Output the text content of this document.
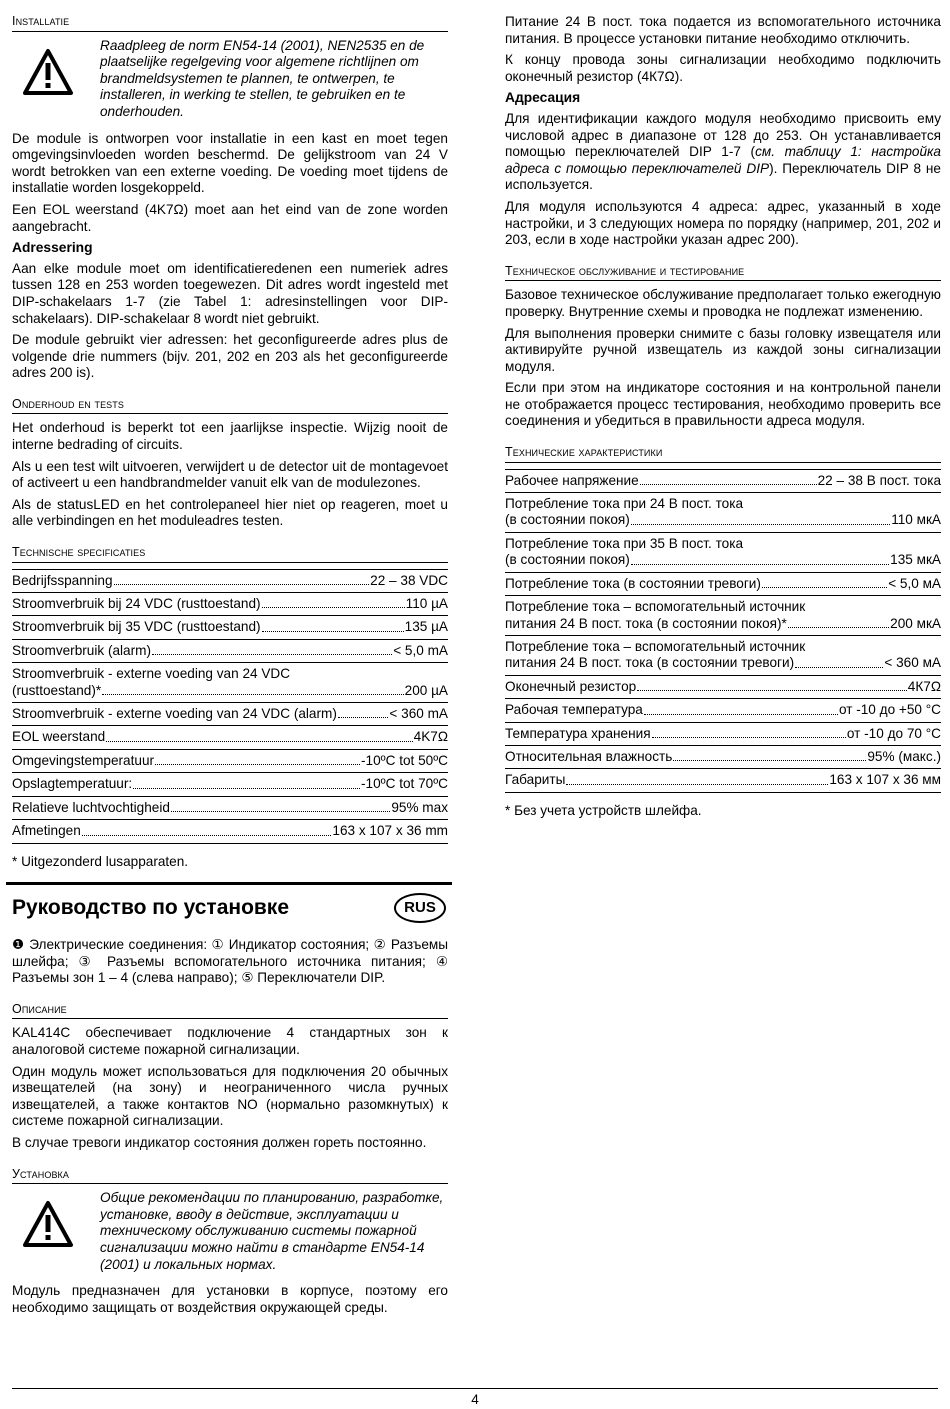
Installatie

Raadpleeg de norm EN54-14 (2001), NEN2535 en de plaatselijke regelgeving voor algemene richtlijnen om brandmeldsystemen te plannen, te ontwerpen, te installeren, in werking te stellen, te gebruiken en te onderhouden.

De module is ontworpen voor installatie in een kast en moet tegen omgevingsinvloeden worden beschermd. De gelijkstroom van 24 V wordt betrokken van een externe voeding. De voeding moet tijdens de installatie worden losgekoppeld.

Een EOL weerstand (4K7Ω) moet aan het eind van de zone worden aangebracht.

Adressering

Aan elke module moet om identificatieredenen een numeriek adres tussen 128 en 253 worden toegewezen. Dit adres wordt ingesteld met DIP-schakelaars 1-7 (zie Tabel 1: adresinstellingen voor DIP-schakelaars). DIP-schakelaar 8 wordt niet gebruikt.

De module gebruikt vier adressen: het geconfigureerde adres plus de volgende drie nummers (bijv. 201, 202 en 203 als het geconfigureerde adres 200 is).

Onderhoud en tests

Het onderhoud is beperkt tot een jaarlijkse inspectie. Wijzig nooit de interne bedrading of circuits.

Als u een test wilt uitvoeren, verwijdert u de detector uit de montagevoet of activeert u een handbrandmelder vanuit elk van de modulezones.

Als de statusLED en het controlepaneel hier niet op reageren, moet u alle verbindingen en het moduleadres testen.

Technische specificaties
Bedrijfsspanning	22 – 38 VDC
Stroomverbruik bij 24 VDC (rusttoestand)	110 µA
Stroomverbruik bij 35 VDC (rusttoestand)	135 µA
Stroomverbruik (alarm)	< 5,0 mA
Stroomverbruik - externe voeding van 24 VDC
(rusttoestand)*	200 µA
Stroomverbruik - externe voeding van 24 VDC (alarm)	< 360 mA
EOL weerstand	4K7Ω
Omgevingstemperatuur	-10ºC tot 50ºC
Opslagtemperatuur:	-10ºC tot 70ºC
Relatieve luchtvochtigheid	95% max
Afmetingen	163 x 107 x 36 mm

* Uitgezonderd lusapparaten.

Руководство по установке	RUS

❶ Электрические соединения: ① Индикатор состояния; ② Разъемы шлейфа; ③ Разъемы вспомогательного источника питания; ④ Разъемы зон 1 – 4 (слева направо); ⑤ Переключатели DIP.

Описание

KAL414C обеспечивает подключение 4 стандартных зон к аналоговой системе пожарной сигнализации.

Один модуль может использоваться для подключения 20 обычных извещателей (на зону) и неограниченного числа ручных извещателей, а также контактов NO (нормально разомкнутых) к системе пожарной сигнализации.

В случае тревоги индикатор состояния должен гореть постоянно.

Установка

Общие рекомендации по планированию, разработке, установке, вводу в действие, эксплуатации и техническому обслуживанию системы пожарной сигнализации можно найти в стандарте EN54-14 (2001) и локальных нормах.

Модуль предназначен для установки в корпусе, поэтому его необходимо защищать от воздействия окружающей среды.

Питание 24 В пост. тока подается из вспомогательного источника питания. В процессе установки питание необходимо отключить.

К концу провода зоны сигнализации необходимо подключить оконечный резистор (4К7Ω).

Адресация

Для идентификации каждого модуля необходимо присвоить ему числовой адрес в диапазоне от 128 до 253. Он устанавливается помощью переключателей DIP 1-7 (см. таблицу 1: настройка адреса с помощью переключателей DIP). Переключатель DIP 8 не используется.

Для модуля используются 4 адреса: адрес, указанный в ходе настройки, и 3 следующих номера по порядку (например, 201, 202 и 203, если в ходе настройки указан адрес 200).

Техническое обслуживание и тестирование

Базовое техническое обслуживание предполагает только ежегодную проверку. Внутренние схемы и проводка не подлежат изменению.

Для выполнения проверки снимите с базы головку извещателя или активируйте ручной извещатель из каждой зоны сигнализации модуля.

Если при этом на индикаторе состояния и на контрольной панели не отображается процесс тестирования, необходимо проверить все соединения и убедиться в правильности адреса модуля.

Технические характеристики
Рабочее напряжение	22 – 38 В пост. тока
Потребление тока при 24 В пост. тока
(в состоянии покоя)	110 мкА
Потребление тока при 35 В пост. тока
(в состоянии покоя)	135 мкА
Потребление тока (в состоянии тревоги)	< 5,0 мА
Потребление тока – вспомогательный источник
питания 24 В пост. тока (в состоянии покоя)*	200 мкА
Потребление тока – вспомогательный источник
питания 24 В пост. тока (в состоянии тревоги)	< 360 мА
Оконечный резистор	4К7Ω
Рабочая температура	от -10 до +50 °С
Температура хранения	от -10 до 70 °С
Относительная влажность	95% (макс.)
Габариты	163 x 107 x 36 мм

* Без учета устройств шлейфа.

4
